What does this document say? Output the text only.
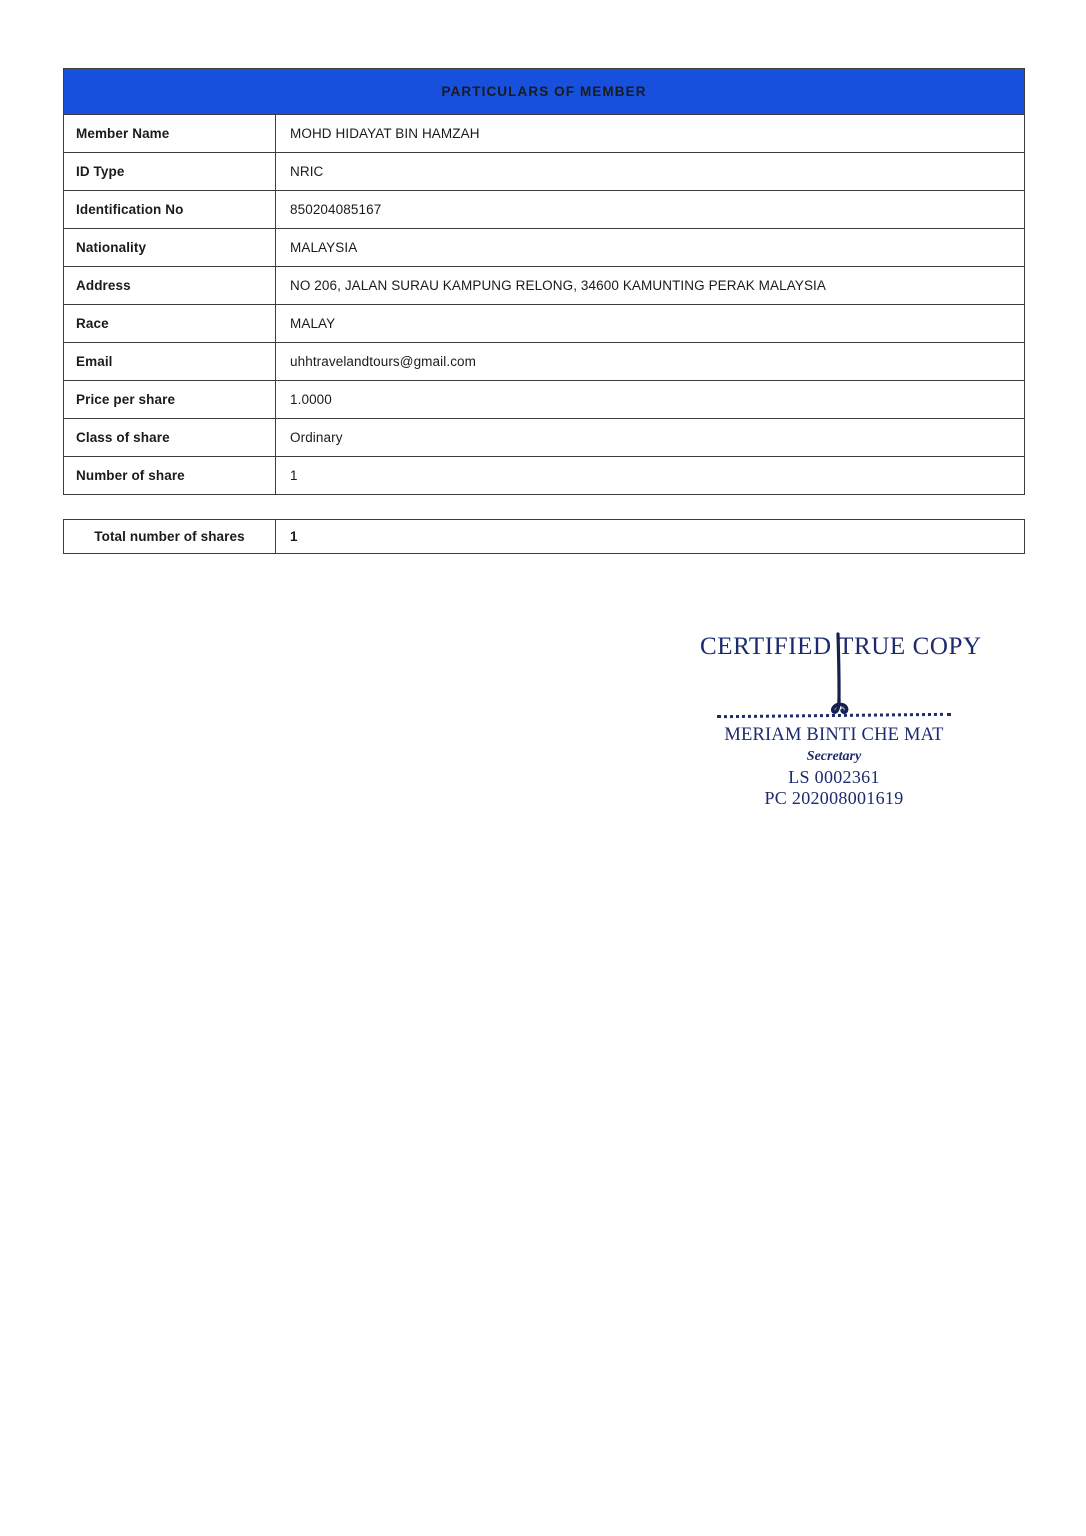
PARTICULARS OF MEMBER	
Member Name	MOHD HIDAYAT BIN HAMZAH
ID Type	NRIC
Identification No	850204085167
Nationality	MALAYSIA
Address	NO 206, JALAN SURAU KAMPUNG RELONG, 34600 KAMUNTING PERAK MALAYSIA
Race	MALAY
Email	uhhtravelandtours@gmail.com
Price per share	1.0000
Class of share	Ordinary
Number of share	1
Total number of shares	1
CERTIFIED TRUE COPY
MERIAM BINTI CHE MAT
Secretary
LS 0002361
PC 202008001619
